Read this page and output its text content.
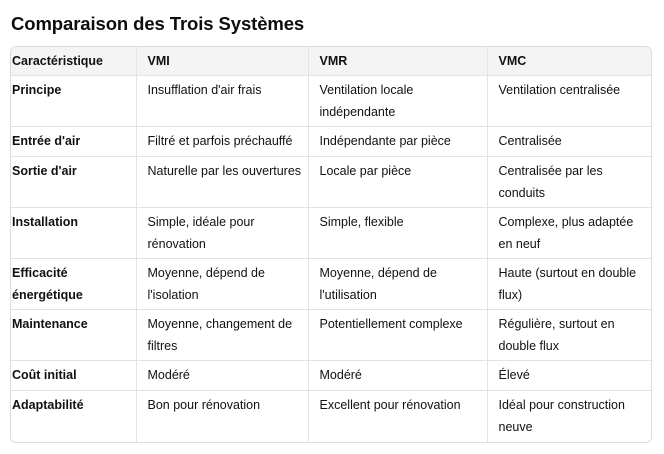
Comparaison des Trois Systèmes
Caractéristique	VMI	VMR	VMC

Principe	Insufflation d'air frais	Ventilation locale indépendante	Ventilation centralisée

Entrée d'air	Filtré et parfois préchauffé	Indépendante par pièce	Centralisée

Sortie d'air	Naturelle par les ouvertures	Locale par pièce	Centralisée par les conduits

Installation	Simple, idéale pour rénovation	Simple, flexible	Complexe, plus adaptée en neuf

Efficacité énergétique	Moyenne, dépend de l'isolation	Moyenne, dépend de l'utilisation	Haute (surtout en double flux)

Maintenance	Moyenne, changement de filtres	Potentiellement complexe	Régulière, surtout en double flux

Coût initial	Modéré	Modéré	Élevé

Adaptabilité	Bon pour rénovation	Excellent pour rénovation	Idéal pour construction neuve
